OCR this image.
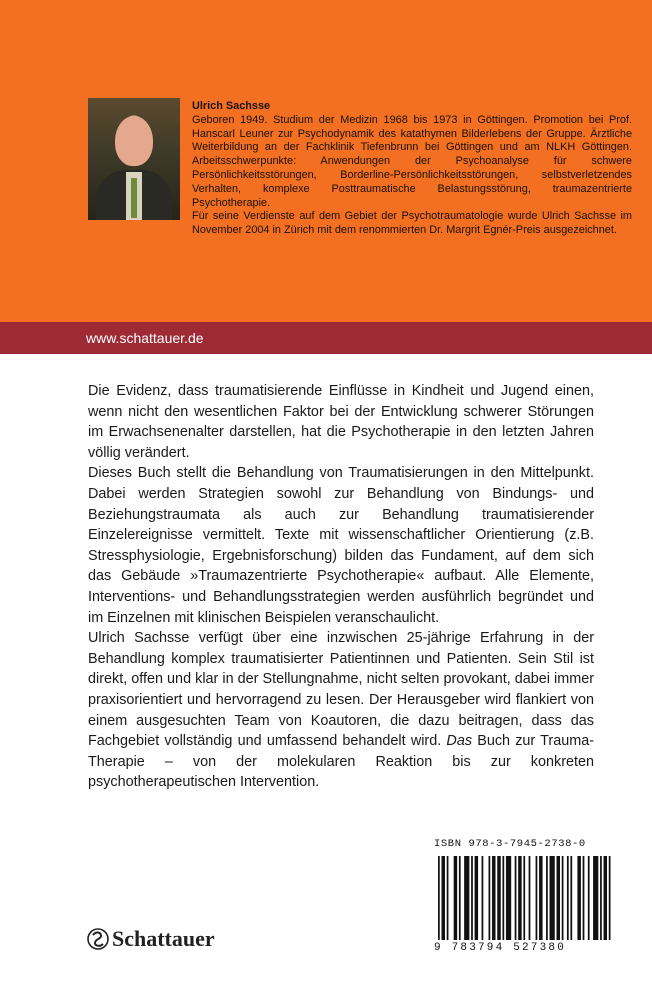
Ulrich Sachsse

Geboren 1949. Studium der Medizin 1968 bis 1973 in Göttingen. Promotion bei Prof. Hanscarl Leuner zur Psychodynamik des katathymen Bilderlebens der Gruppe. Ärztliche Weiterbildung an der Fachklinik Tiefenbrunn bei Göttingen und am NLKH Göttingen. Arbeitsschwerpunkte: Anwendungen der Psychoanalyse für schwere Persönlichkeitsstörungen, Borderline-Persönlichkeitsstörungen, selbstverletzendes Verhalten, komplexe Posttraumatische Belastungsstörung, traumazentrierte Psychotherapie.

Für seine Verdienste auf dem Gebiet der Psychotraumatologie wurde Ulrich Sachsse im November 2004 in Zürich mit dem renommierten Dr. Margrit Egnér-Preis ausgezeichnet.

www.schattauer.de

Die Evidenz, dass traumatisierende Einflüsse in Kindheit und Jugend einen, wenn nicht den wesentlichen Faktor bei der Entwicklung schwerer Störungen im Erwachsenenalter darstellen, hat die Psychotherapie in den letzten Jahren völlig verändert.

Dieses Buch stellt die Behandlung von Traumatisierungen in den Mittelpunkt. Dabei werden Strategien sowohl zur Behandlung von Bindungs- und Beziehungstraumata als auch zur Behandlung traumatisierender Einzelereignisse vermittelt. Texte mit wissenschaftlicher Orientierung (z.B. Stressphysiologie, Ergebnisforschung) bilden das Fundament, auf dem sich das Gebäude »Traumazentrierte Psychotherapie« aufbaut. Alle Elemente, Interventions- und Behandlungsstrategien werden ausführlich begründet und im Einzelnen mit klinischen Beispielen veranschaulicht.

Ulrich Sachsse verfügt über eine inzwischen 25-jährige Erfahrung in der Behandlung komplex traumatisierter Patientinnen und Patienten. Sein Stil ist direkt, offen und klar in der Stellungnahme, nicht selten provokant, dabei immer praxisorientiert und hervorragend zu lesen. Der Herausgeber wird flankiert von einem ausgesuchten Team von Koautoren, die dazu beitragen, dass das Fachgebiet vollständig und umfassend behandelt wird. Das Buch zur Trauma-Therapie – von der molekularen Reaktion bis zur konkreten psychotherapeutischen Intervention.

ISBN 978-3-7945-2738-0
9 783794 527380
Schattauer
